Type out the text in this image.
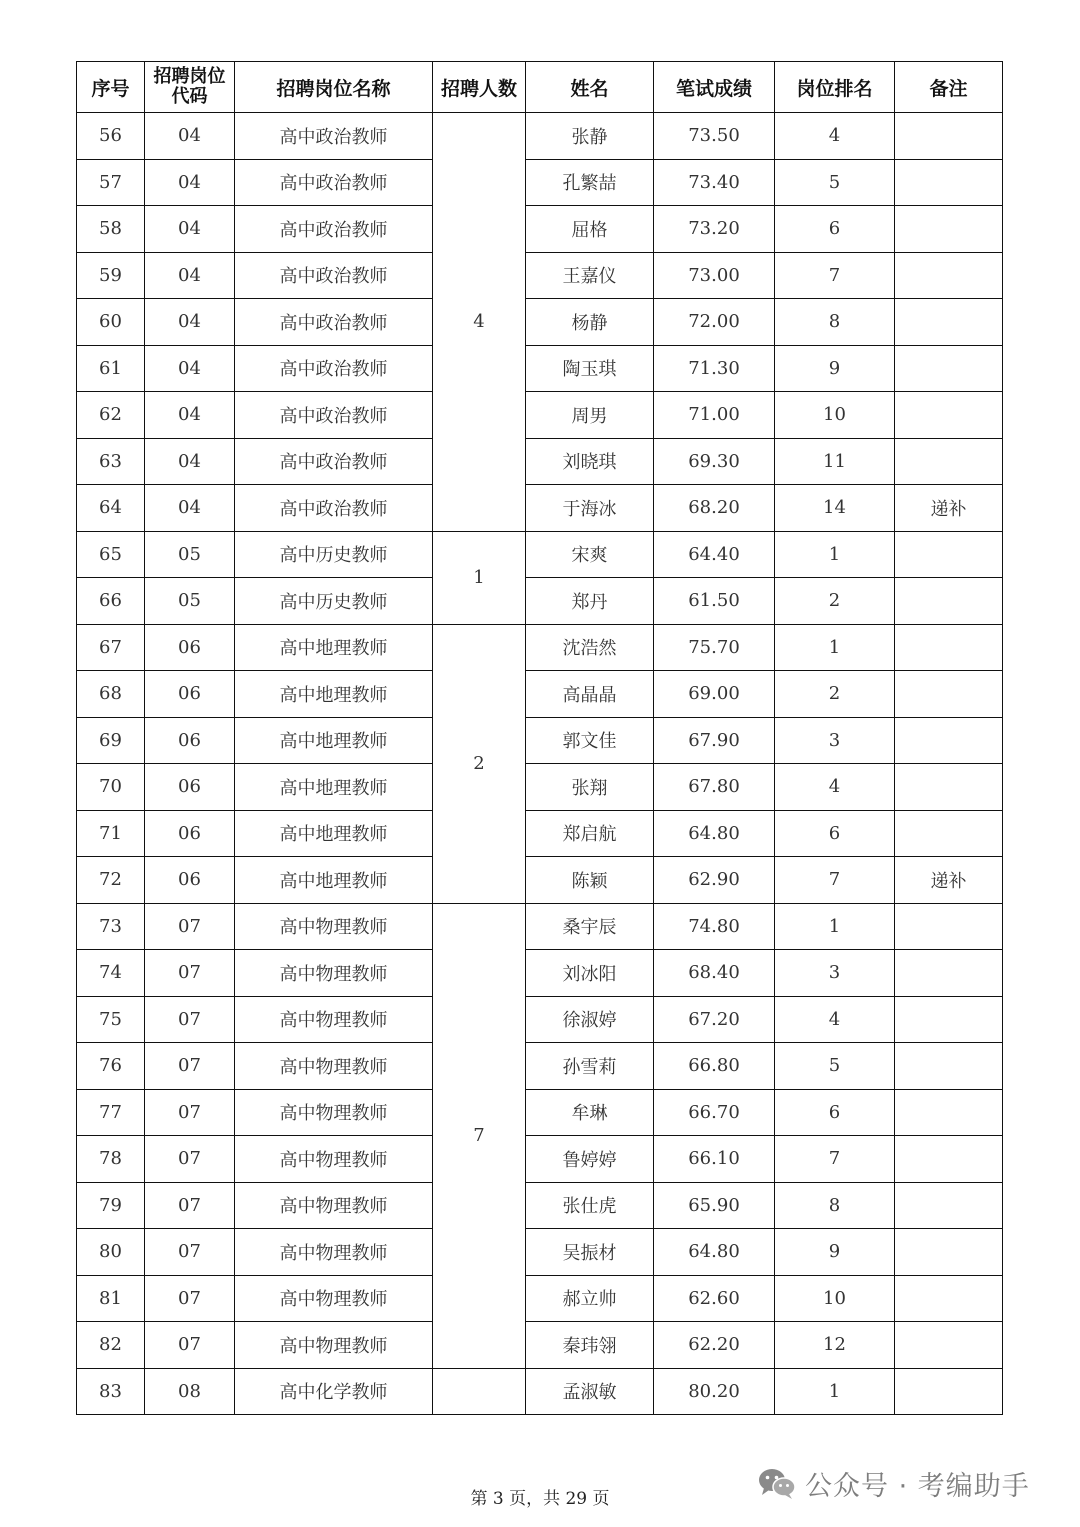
序号	招聘岗位代码	招聘岗位名称	招聘人数	姓名	笔试成绩	岗位排名	备注
56	04	高中政治教师	4	张静	73.50	4	
57	04	高中政治教师		孔繁喆	73.40	5	
58	04	高中政治教师		屈格	73.20	6	
59	04	高中政治教师		王嘉仪	73.00	7	
60	04	高中政治教师		杨静	72.00	8	
61	04	高中政治教师		陶玉琪	71.30	9	
62	04	高中政治教师		周男	71.00	10	
63	04	高中政治教师		刘晓琪	69.30	11	
64	04	高中政治教师		于海冰	68.20	14	递补
65	05	高中历史教师	1	宋爽	64.40	1	
66	05	高中历史教师		郑丹	61.50	2	
67	06	高中地理教师	2	沈浩然	75.70	1	
68	06	高中地理教师		高晶晶	69.00	2	
69	06	高中地理教师		郭文佳	67.90	3	
70	06	高中地理教师		张翔	67.80	4	
71	06	高中地理教师		郑启航	64.80	6	
72	06	高中地理教师		陈颖	62.90	7	递补
73	07	高中物理教师	7	桑宇辰	74.80	1	
74	07	高中物理教师		刘冰阳	68.40	3	
75	07	高中物理教师		徐淑婷	67.20	4	
76	07	高中物理教师		孙雪莉	66.80	5	
77	07	高中物理教师		牟琳	66.70	6	
78	07	高中物理教师		鲁婷婷	66.10	7	
79	07	高中物理教师		张仕虎	65.90	8	
80	07	高中物理教师		吴振材	64.80	9	
81	07	高中物理教师		郝立帅	62.60	10	
82	07	高中物理教师		秦玮翎	62.20	12	
83	08	高中化学教师		孟淑敏	80.20	1	
第 3 页，共 29 页	公众号 · 考编助手
